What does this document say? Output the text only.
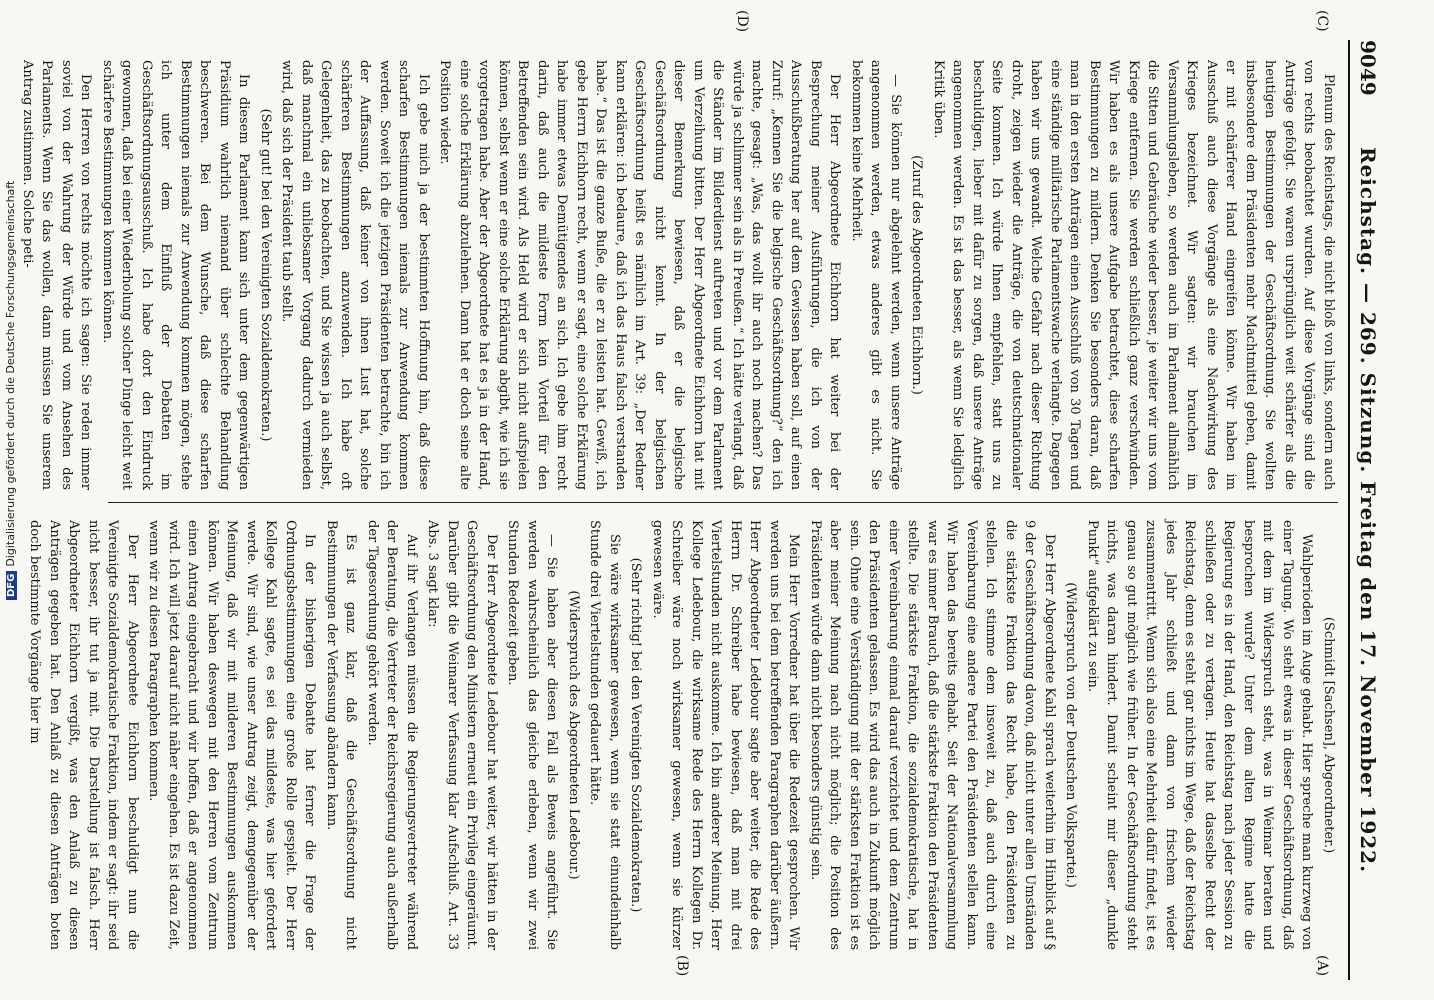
9049
Reichstag. — 269. Sitzung. Freitag den 17. November 1922.
(C)
(D)
(A)
(B)

Plenum des Reichstags, die nicht bloß von links, sondern auch von rechts beobachtet wurden. Auf diese Vorgänge sind die Anträge gefolgt. Sie waren ursprünglich weit schärfer als die heutigen Bestimmungen der Geschäftsordnung. Sie wollten insbesondere dem Präsidenten mehr Machtmittel geben, damit er mit schärferer Hand eingreifen könne. Wir haben im Ausschuß auch diese Vorgänge als eine Nachwirkung des Krieges bezeichnet. Wir sagten: wir brauchen im Versammlungsleben, so werden auch im Parlament allmählich die Sitten und Gebräuche wieder besser, je weiter wir uns vom Kriege entfernen. Sie werden schließlich ganz verschwinden. Wir haben es als unsere Aufgabe betrachtet, diese scharfen Bestimmungen zu mildern. Denken Sie besonders daran, daß man in den ersten Anträgen einen Ausschluß von 30 Tagen und eine ständige militärische Parlamentswache verlangte. Dagegen haben wir uns gewandt. Welche Gefahr nach dieser Richtung droht, zeigen wieder die Anträge, die von deutschnationaler Seite kommen. Ich würde Ihnen empfehlen, statt uns zu beschuldigen, lieber mit dafür zu sorgen, daß unsere Anträge angenommen werden. Es ist das besser, als wenn Sie lediglich Kritik üben.

(Zuruf des Abgeordneten Eichhorn.)

— Sie können nur abgelehnt werden, wenn unsere Anträge angenommen werden, etwas anderes gibt es nicht. Sie bekommen keine Mehrheit.

Der Herr Abgeordnete Eichhorn hat weiter bei der Besprechung meiner Ausführungen, die ich von der Ausschußberatung her auf dem Gewissen haben soll, auf einen Zuruf: „Kennen Sie die belgische Geschäftsordnung?“ den ich machte, gesagt: „Was, das wollt ihr auch noch machen? Das würde ja schlimmer sein als in Preußen.“ Ich hätte verlangt, daß die Ständer im Bilderdienst auftreten und vor dem Parlament um Verzeihung bitten. Der Herr Abgeordnete Eichhorn hat mit dieser Bemerkung bewiesen, daß er die belgische Geschäftsordnung nicht kennt. In der belgischen Geschäftsordnung heißt es nämlich im Art. 39: „Der Redner kann erklären: ich bedaure, daß ich das Haus falsch verstanden habe.“ Das ist die ganze Buße, die er zu leisten hat. Gewiß, ich gebe Herrn Eichhorn recht, wenn er sagt, eine solche Erklärung habe immer etwas Demütigendes an sich. Ich gebe ihm recht darin, daß auch die mildeste Form kein Vorteil für den Betreffenden sein wird. Als Held wird er sich nicht aufspielen können, selbst wenn er eine solche Erklärung abgibt, wie ich sie vorgetragen habe. Aber der Abgeordnete hat es ja in der Hand, eine solche Erklärung abzulehnen. Dann hat er doch seine alte Position wieder.

Ich gebe mich ja der bestimmten Hoffnung hin, daß diese scharfen Bestimmungen niemals zur Anwendung kommen werden. Soweit ich die jetzigen Präsidenten betrachte, bin ich der Auffassung, daß keiner von ihnen Lust hat, solche schärferen Bestimmungen anzuwenden. Ich habe oft Gelegenheit, das zu beobachten, und Sie wissen ja auch selbst, daß manchmal ein unliebsamer Vorgang dadurch vermieden wird, daß sich der Präsident taub stellt.

(Sehr gut! bei den Vereinigten Sozialdemokraten.)

In diesem Parlament kann sich unter dem gegenwärtigen Präsidium wahrlich niemand über schlechte Behandlung beschweren. Bei dem Wunsche, daß diese scharfen Bestimmungen niemals zur Anwendung kommen mögen, stehe ich unter dem Einfluß der Debatten im Geschäftsordnungsausschuß. Ich habe dort den Eindruck gewonnen, daß bei einer Wiederholung solcher Dinge leicht weit schärfere Bestimmungen kommen können.

Den Herren von rechts möchte ich sagen: Sie reden immer soviel von der Wahrung der Würde und vom Ansehen des Parlaments. Wenn Sie das wollen, dann müssen Sie unserem Antrag zustimmen. Solche peti-

(Schmidt [Sachsen], Abgeordneter.)

Wahlperioden im Auge gehabt. Hier spreche man kurzweg von einer Tagung. Wo steht etwas in dieser Geschäftsordnung, daß mit dem im Widerspruch steht, was in Weimar beraten und besprochen wurde? Unter dem alten Regime hatte die Regierung es in der Hand, den Reichstag nach jeder Session zu schließen oder zu vertagen. Heute hat dasselbe Recht der Reichstag, denn es steht gar nichts im Wege, daß der Reichstag jedes Jahr schließt und dann von frischem wieder zusammentritt. Wenn sich also eine Mehrheit dafür findet, ist es genau so gut möglich wie früher. In der Geschäftsordnung steht nichts, was daran hindert. Damit scheint mir dieser „dunkle Punkt“ aufgeklärt zu sein.

(Widerspruch von der Deutschen Volkspartei.)

Der Herr Abgeordnete Kahl sprach weiterhin im Hinblick auf § 9 der Geschäftsordnung davon, daß nicht unter allen Umständen die stärkste Fraktion das Recht habe, den Präsidenten zu stellen. Ich stimme dem insoweit zu, daß auch durch eine Vereinbarung eine andere Partei den Präsidenten stellen kann. Wir haben das bereits gehabt. Seit der Nationalversammlung war es immer Brauch, daß die stärkste Fraktion den Präsidenten stellte. Die stärkste Fraktion, die sozialdemokratische, hat in einer Vereinbarung einmal darauf verzichtet und dem Zentrum den Präsidenten gelassen. Es wird das auch in Zukunft möglich sein. Ohne eine Verständigung mit der stärksten Fraktion ist es aber meiner Meinung nach nicht möglich; die Position des Präsidenten würde dann nicht besonders günstig sein.

Mein Herr Vorredner hat über die Redezeit gesprochen. Wir werden uns bei dem betreffenden Paragraphen darüber äußern. Herr Abgeordneter Ledebour sagte aber weiter, die Rede des Herrn Dr. Schreiber habe bewiesen, daß man mit drei Viertelstunden nicht auskomme. Ich bin anderer Meinung. Herr Kollege Ledebour, die wirksame Rede des Herrn Kollegen Dr. Schreiber wäre noch wirksamer gewesen, wenn sie kürzer gewesen wäre.

(Sehr richtig! bei den Vereinigten Sozialdemokraten.)

Sie wäre wirksamer gewesen, wenn sie statt einundeinhalb Stunde drei Viertelstunden gedauert hätte.

(Widerspruch des Abgeordneten Ledebour.)

— Sie haben aber diesen Fall als Beweis angeführt. Sie werden wahrscheinlich das gleiche erleben, wenn wir zwei Stunden Redezeit geben.

Der Herr Abgeordnete Ledebour hat weiter, wir hätten in der Geschäftsordnung den Ministern erneut ein Privileg eingeräumt. Darüber gibt die Weimarer Verfassung klar Aufschluß. Art. 33 Abs. 3 sagt klar:

Auf ihr Verlangen müssen die Regierungsvertreter während der Beratung, die Vertreter der Reichsregierung auch außerhalb der Tagesordnung gehört werden.

Es ist ganz klar, daß die Geschäftsordnung nicht Bestimmungen der Verfassung abändern kann.

In der bisherigen Debatte hat ferner die Frage der Ordnungsbestimmungen eine große Rolle gespielt. Der Herr Kollege Kahl sagte, es sei das mildeste, was hier gefordert werde. Wir sind, wie unser Antrag zeigt, demgegenüber der Meinung, daß wir mit milderen Bestimmungen auskommen können. Wir haben deswegen mit den Herren vom Zentrum einen Antrag eingebracht und wir hoffen, daß er angenommen wird. Ich will jetzt darauf nicht näher eingehen. Es ist dazu Zeit, wenn wir zu diesen Paragraphen kommen.

Der Herr Abgeordnete Eichhorn beschuldigt nun die Vereinigte Sozialdemokratische Fraktion, indem er sagt: ihr seid nicht besser, ihr tut ja mit. Die Darstellung ist falsch. Herr Abgeordneter Eichhorn vergißt, was den Anlaß zu diesen Anträgen gegeben hat. Den Anlaß zu diesen Anträgen boten doch bestimmte Vorgänge hier im

DFGDigitalisierung gefördert durch die Deutsche Forschungsgemeinschaft
